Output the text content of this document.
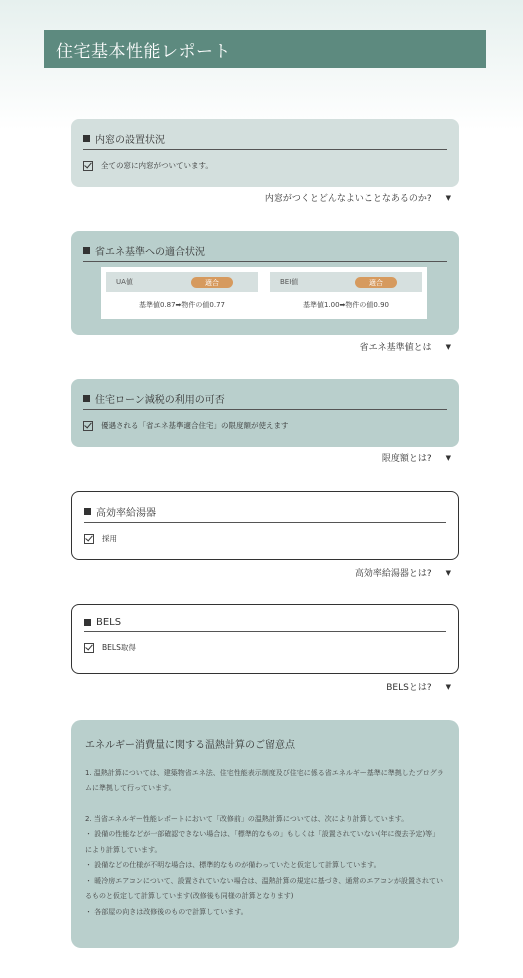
住宅基本性能レポート
内窓の設置状況
全ての窓に内窓がついています。
内窓がつくとどんなよいことなあるのか? ▼
省エネ基準への適合状況
UA値	適合
基準値0.87➡物件の値0.77
BEI値	適合
基準値1.00➡物件の値0.90
省エネ基準値とは ▼
住宅ローン減税の利用の可否
優遇される「省エネ基準適合住宅」の限度額が使えます
限度額とは? ▼
高効率給湯器
採用
高効率給湯器とは? ▼
BELS
BELS取得
BELSとは? ▼
エネルギー消費量に関する温熱計算のご留意点

1. 温熱計算については、建築物省エネ法、住宅性能表示制度及び住宅に係る省エネルギー基準に準拠したプログラムに準拠して行っています。

2. 当省エネルギー性能レポートにおいて「改修前」の温熱計算については、次により計算しています。

・ 設備の性能などが一部確認できない場合は、「標準的なもの」もしくは「設置されていない(年に復去予定)等」により計算しています。

・ 設備などの仕様が不明な場合は、標準的なものが備わっていたと仮定して計算しています。

・ 暖冷房エアコンについて、設置されていない場合は、温熱計算の規定に基づき、通常のエアコンが設置されているものと仮定して計算しています(改修後も同様の計算となります)

・ 各部屋の向きは改修後のもので計算しています。
